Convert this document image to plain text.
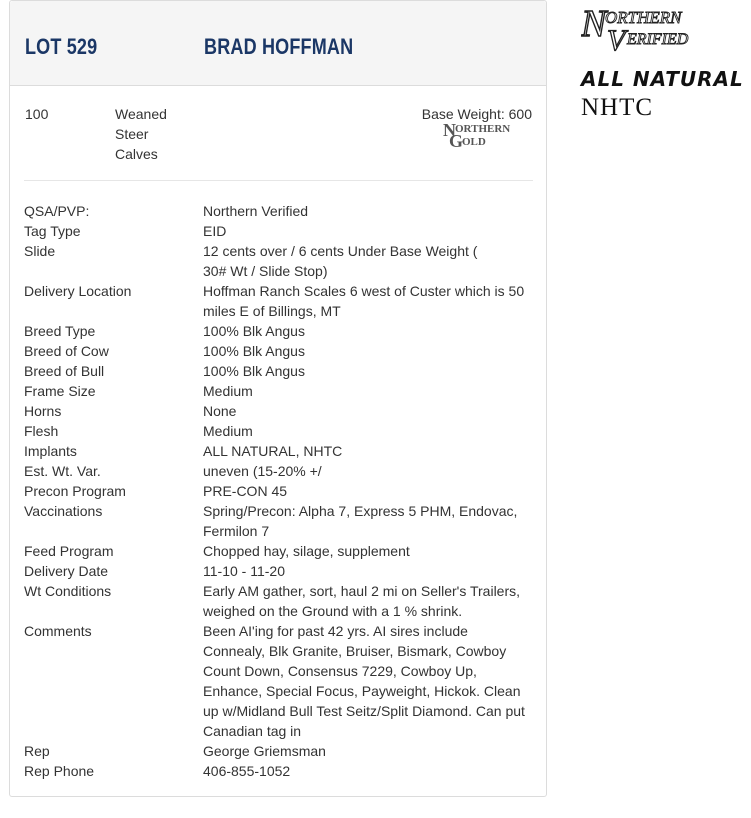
LOT 529	BRAD HOFFMAN
100	Weaned
Steer
Calves
Base Weight: 600
N ORTHERN
G
OLD
QSA/PVP:	Northern Verified
Tag Type	EID
Slide	12 cents over / 6 cents Under Base Weight ( 30# Wt / Slide Stop)
Delivery Location	Hoffman Ranch Scales 6 west of Custer which is 50 miles E of Billings, MT
Breed Type	100% Blk Angus
Breed of Cow	100% Blk Angus
Breed of Bull	100% Blk Angus
Frame Size	Medium
Horns	None
Flesh	Medium
Implants	ALL NATURAL, NHTC
Est. Wt. Var.	uneven (15-20% +/
Precon Program	PRE-CON 45
Vaccinations	Spring/Precon: Alpha 7, Express 5 PHM, Endovac, Fermilon 7
Feed Program	Chopped hay, silage, supplement
Delivery Date	11-10 - 11-20
Wt Conditions	Early AM gather, sort, haul 2 mi on Seller's Trailers, weighed on the Ground with a 1 % shrink.
Comments	Been AI'ing for past 42 yrs. AI sires include Connealy, Blk Granite, Bruiser, Bismark, Cowboy Count Down, Consensus 7229, Cowboy Up, Enhance, Special Focus, Payweight, Hickok. Clean up w/Midland Bull Test Seitz/Split Diamond. Can put Canadian tag in
Rep	George Griemsman
Rep Phone	406-855-1052
N
ORTHERN
V ERIFIED
ALL NATURAL
NHTC
